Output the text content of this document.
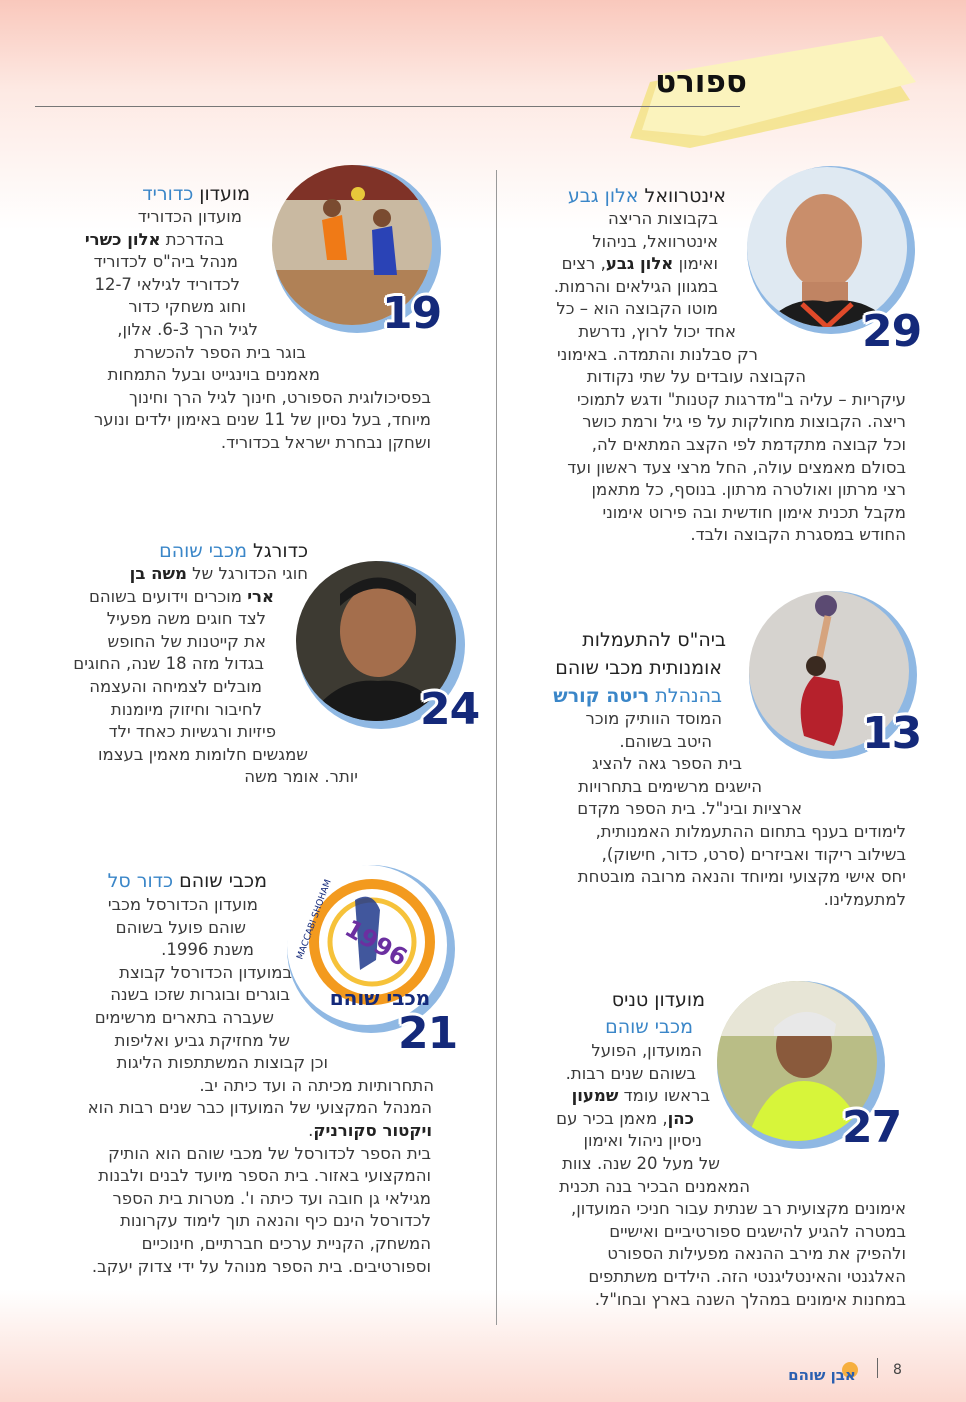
ספורט
29
אינטרוואל אלון גבע
בקבוצות הריצה
אינטרוואל, בניהול
ואימון אלון גבע, רצים
במגוון הגילאים והרמות.
מוטו הקבוצה הוא – כל
אחד יכול לרוץ, נדרשת
רק סבלנות והתמדה. באימוני
הקבוצה עובדים על שתי נקודות
עיקריות – עליה ב"מדרגות קטנות" ודגש לתמוכי
ריצה. הקבוצות מחולקות על פי גיל ורמת כושר
וכל קבוצה מתקדמת לפי הקצב המתאים לה,
בסולם מאמצים עולה, החל מרצי צעד ראשון ועד
רצי מרתון ואולטרה מרתון. בנוסף, כל מתאמן
מקבל תכנית אימון חודשית ובה פירוט אימוני
החודש במסגרת הקבוצה ולבד.
19
מועדון כדוריד
מועדון הכדוריד
בהדרכת אלון כשרי
מנהל ביה"ס לכדוריד
לכדוריד לגילאי 12-7
וחוג משחקי כדור
לגיל הרך 6-3. אלון,
בוגר בית הספר להכשרת
מאמנים בוינגייט ובעל התמחות
בפסיכולוגית הספורט, חינוך לגיל הרך וחינוך
מיוחד, בעל נסיון של 11 שנים באימון ילדים ונוער
ושחקן נבחרת ישראל בכדוריד.
24
כדורגל מכבי שוהם
חוגי הכדורגל של משה בן
ארי מוכרים וידועים בשוהם
לצד חוגים משה מפעיל
את קייטנות של החופש
בגדול מזה 18 שנה, החוגים
מובלים לצמיחה והעצמה
לחיבור וחיזוק מיומנות
פיזיות ורגשיות כאחד ילד
שמגשים חלומות מאמין בעצמו
יותר. אומר משה
13
ביה"ס להתעמלות
אומנותית מכבי שוהם
בהנהלת ריטה קורש
המוסד הוותיק מוכר
היטב בשוהם.
בית הספר גאה להציג
הישגים מרשימים בתחרויות
ארציות ובינ"ל. בית הספר מקדם
לימודים בענף בתחום ההתעמלות האמנותית,
בשילוב ריקוד ואביזרים (סרט, כדור, חישוק),
יחס אישי מקצועי ומיוחד והנאה מרובה מובטחת
למתעמלינו.
1996
מכבי שוהם
MACCABI SHOHAM
21
מכבי שוהם כדור סל
מועדון הכדורסל מכבי
שוהם פועל בשוהם
משנת 1996.
במועדון הכדורסל קבוצת
בוגרים ובוגרות שזכו בשנה
שעברה בתארים מרשימים
של מחזיקת גביע ואליפות
וכן קבוצות המשתתפות הליגות
התחרותיות מכיתה ה ועד כיתה יב.
המנהל המקצועי של המועדון כבר שנים רבות הוא
ויקטור סקורניק.
בית הספר לכדורסל של מכבי שוהם הוא הותיק
והמקצועי באזור. בית הספר מיועד לבנים ולבנות
מגילאי גן חובה ועד כיתה ו'. מטרות בית הספר
לכדורסל הינם כיף והנאה תוך לימוד עקרונות
המשחק, הקניית ערכים חברתיים, חינוכיים
וספורטיבים. בית הספר מנוהל על ידי צדוק יעקב.
27
מועדון טניס
מכבי שוהם
המועדון, הפועל
בשוהם שנים רבות.
בראשו עומד שמעון
כהן, מאמן בכיר עם
ניסיון ניהול ואימון
של מעל 20 שנה. צוות
המאמנים הבכיר בנה תכנית
אימונים מקצועית רב שנתית עבור חניכי המועדון,
במטרה להגיע להישגים ספורטיביים ואישיים
ולהפיק את מירב ההנאה מפעילות הספורט
האלגנטי והאינטליגנטי הזה. הילדים משתתפים
במחנות אימונים במהלך השנה בארץ ובחו"ל.
8
אבן שוהם
